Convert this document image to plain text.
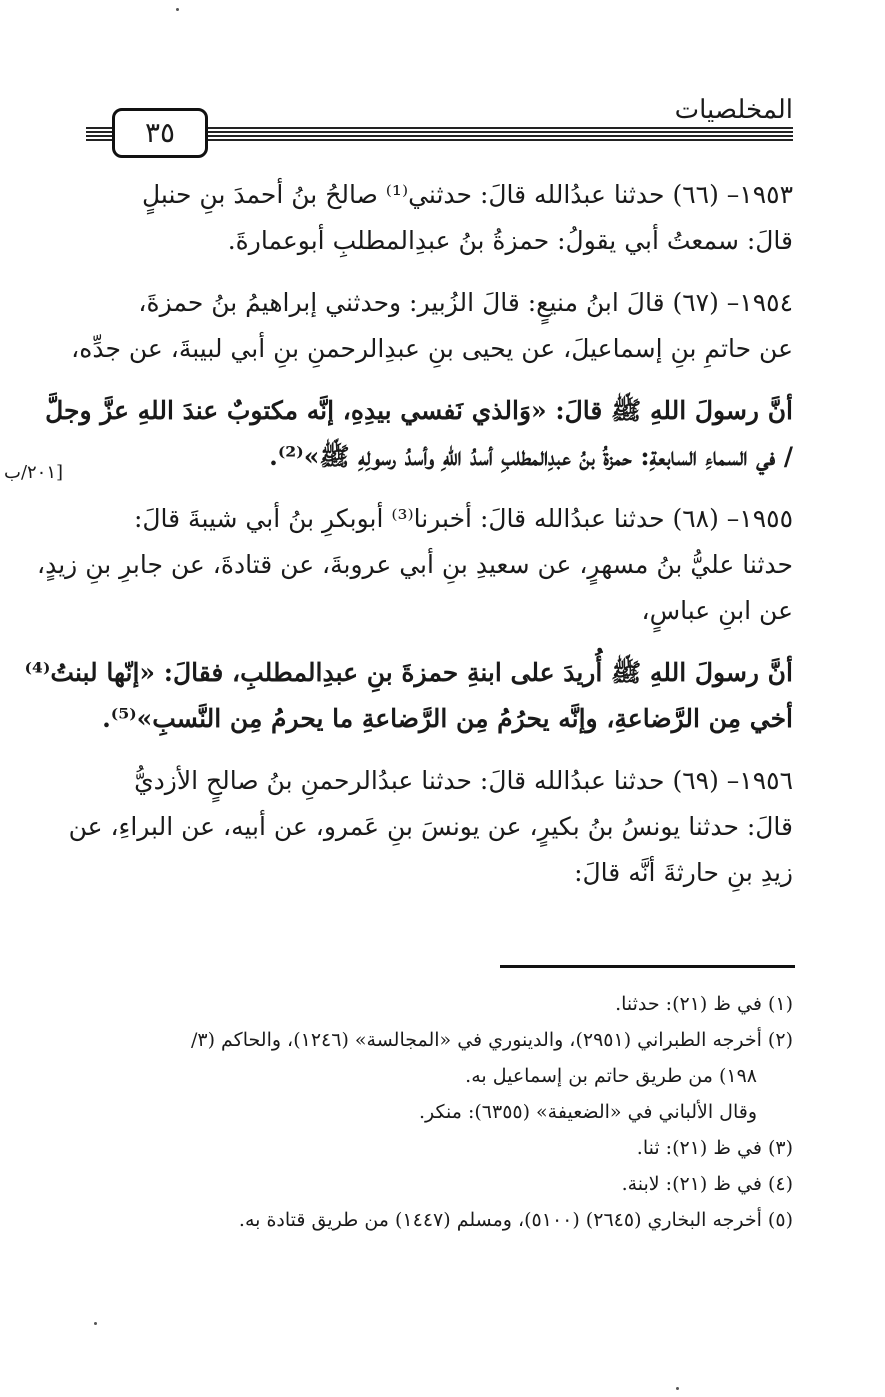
المخلصيات
٣٥
[٢٠١/ب

١٩٥٣– (٦٦) حدثنا عبدُالله قالَ: حدثني⁽¹⁾ صالحُ بنُ أحمدَ بنِ حنبلٍ
قالَ: سمعتُ أبي يقولُ: حمزةُ بنُ عبدِالمطلبِ أبوعمارةَ.

١٩٥٤– (٦٧) قالَ ابنُ منيعٍ: قالَ الزُبير: وحدثني إبراهيمُ بنُ حمزةَ،
عن حاتمِ بنِ إسماعيلَ، عن يحيى بنِ عبدِالرحمنِ بنِ أبي لبيبةَ، عن جدِّه،

أنَّ رسولَ اللهِ ﷺ قالَ: «وَالذي نَفسي بيدِهِ، إنَّه مكتوبٌ عندَ اللهِ عزَّ وجلَّ
/ في السماءِ السابعةِ: حمزةُ بنُ عبدِالمطلبِ أسدُ اللهِ وأسدُ رسولِهِ ﷺ»⁽²⁾.

١٩٥٥– (٦٨) حدثنا عبدُالله قالَ: أخبرنا⁽³⁾ أبوبكرِ بنُ أبي شيبةَ قالَ:
حدثنا عليُّ بنُ مسهرٍ، عن سعيدِ بنِ أبي عروبةَ، عن قتادةَ، عن جابرِ بنِ زيدٍ،
عن ابنِ عباسٍ،

أنَّ رسولَ اللهِ ﷺ أُريدَ على ابنةِ حمزةَ بنِ عبدِالمطلبِ، فقالَ: «إنّها لبنتُ⁽⁴⁾
أخي مِن الرَّضاعةِ، وإنَّه يحرُمُ مِن الرَّضاعةِ ما يحرمُ مِن النَّسبِ»⁽⁵⁾.

١٩٥٦– (٦٩) حدثنا عبدُالله قالَ: حدثنا عبدُالرحمنِ بنُ صالحٍ الأزديُّ
قالَ: حدثنا يونسُ بنُ بكيرٍ، عن يونسَ بنِ عَمرو، عن أبيه، عن البراءِ، عن
زيدِ بنِ حارثةَ أنَّه قالَ:

(١) في ظ (٢١): حدثنا.
(٢) أخرجه الطبراني (٢٩٥١)، والدينوري في «المجالسة» (١٢٤٦)، والحاكم (٣/
١٩٨) من طريق حاتم بن إسماعيل به.
وقال الألباني في «الضعيفة» (٦٣٥٥): منكر.
(٣) في ظ (٢١): ثنا.
(٤) في ظ (٢١): لابنة.
(٥) أخرجه البخاري (٢٦٤٥) (٥١٠٠)، ومسلم (١٤٤٧) من طريق قتادة به.
